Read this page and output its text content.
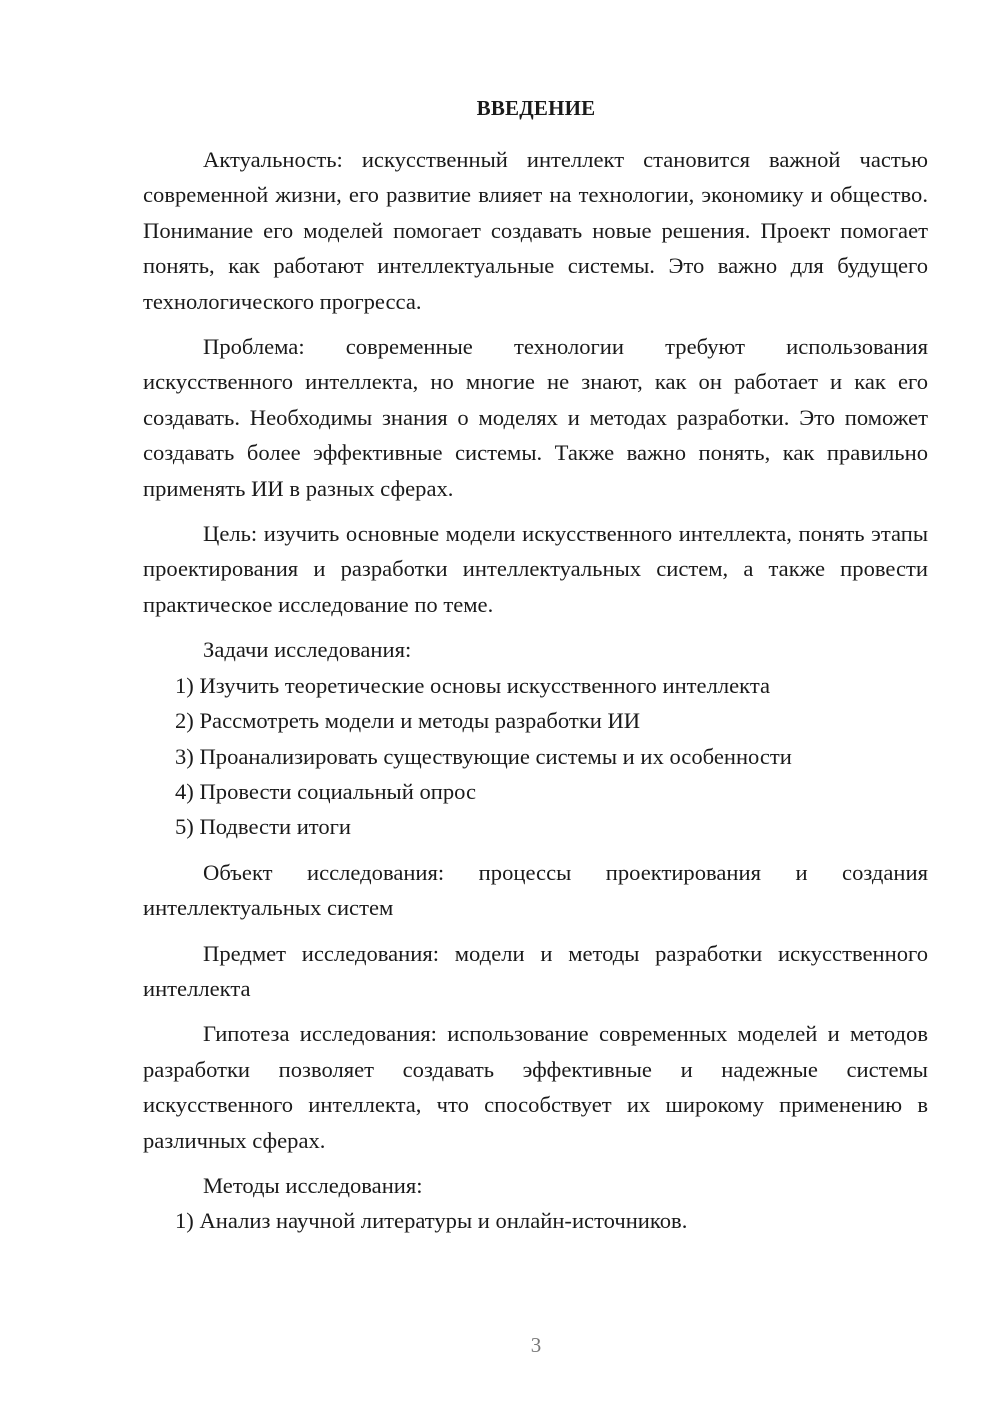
ВВЕДЕНИЕ

Актуальность: искусственный интеллект становится важной частью современной жизни, его развитие влияет на технологии, экономику и общество. Понимание его моделей помогает создавать новые решения. Проект помогает понять, как работают интеллектуальные системы. Это важно для будущего технологического прогресса.

Проблема: современные технологии требуют использования искусственного интеллекта, но многие не знают, как он работает и как его создавать. Необходимы знания о моделях и методах разработки. Это поможет создавать более эффективные системы. Также важно понять, как правильно применять ИИ в разных сферах.

Цель: изучить основные модели искусственного интеллекта, понять этапы проектирования и разработки интеллектуальных систем, а также провести практическое исследование по теме.

Задачи исследования:

1) Изучить теоретические основы искусственного интеллекта

2) Рассмотреть модели и методы разработки ИИ

3) Проанализировать существующие системы и их особенности

4) Провести социальный опрос

5) Подвести итоги

Объект исследования: процессы проектирования и создания интеллектуальных систем

Предмет исследования: модели и методы разработки искусственного интеллекта

Гипотеза исследования: использование современных моделей и методов разработки позволяет создавать эффективные и надежные системы искусственного интеллекта, что способствует их широкому применению в различных сферах.

Методы исследования:

1) Анализ научной литературы и онлайн-источников.

3
